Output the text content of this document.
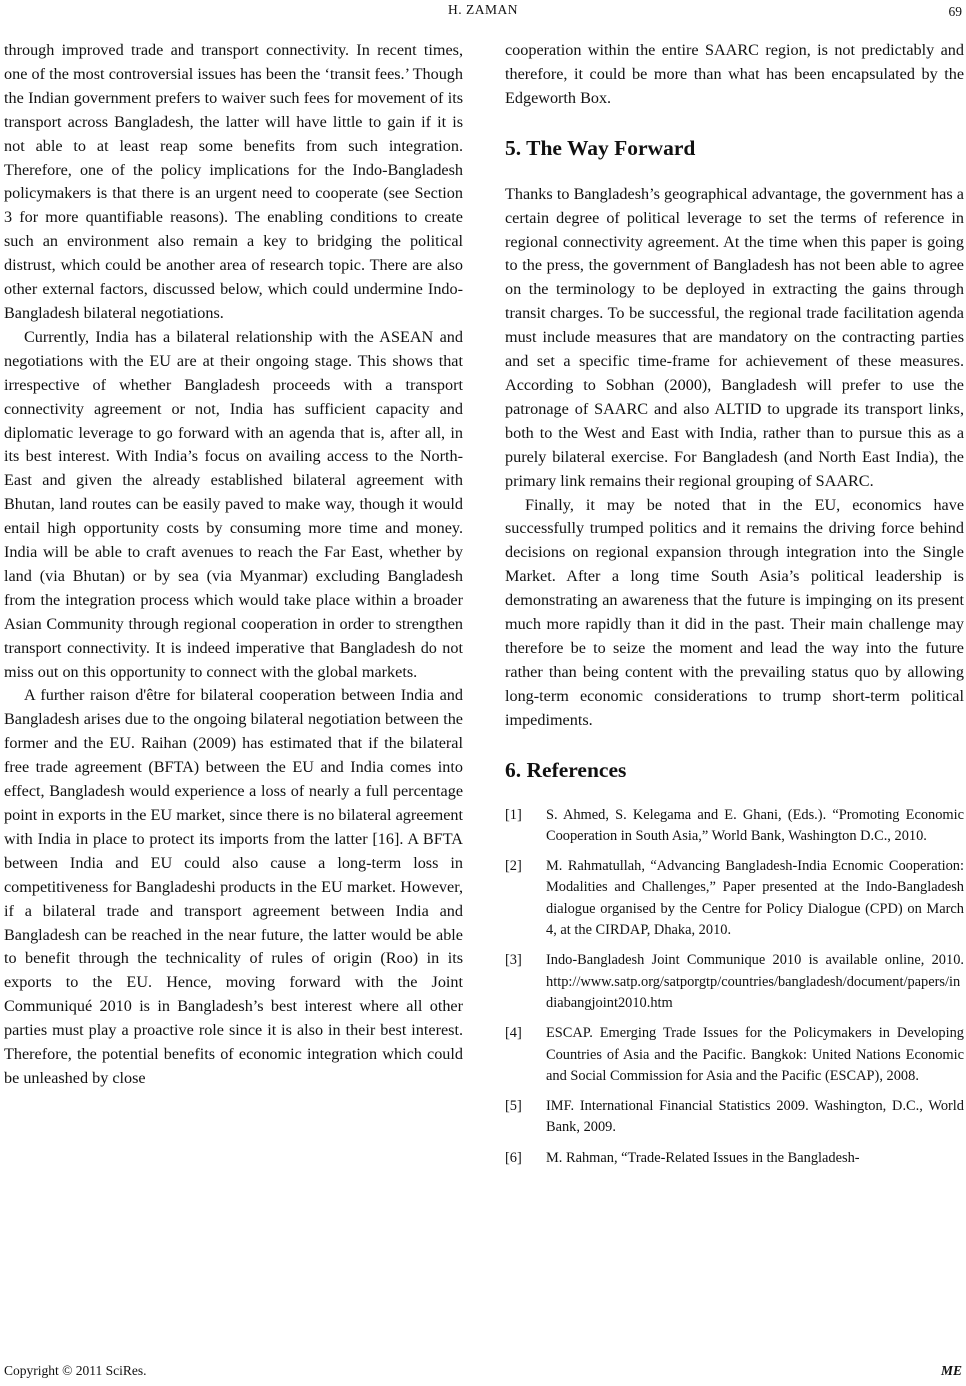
H. ZAMAN	69

through improved trade and transport connectivity. In recent times, one of the most controversial issues has been the ‘transit fees.’ Though the Indian government prefers to waiver such fees for movement of its transport across Bangladesh, the latter will have little to gain if it is not able to at least reap some benefits from such integration. Therefore, one of the policy implications for the Indo-Bangladesh policymakers is that there is an urgent need to cooperate (see Section 3 for more quantifiable reasons). The enabling conditions to create such an environment also remain a key to bridging the political distrust, which could be another area of research topic. There are also other external factors, discussed below, which could undermine Indo-Bangladesh bilateral negotiations.

Currently, India has a bilateral relationship with the ASEAN and negotiations with the EU are at their ongoing stage. This shows that irrespective of whether Bangladesh proceeds with a transport connectivity agreement or not, India has sufficient capacity and diplomatic leverage to go forward with an agenda that is, after all, in its best interest. With India’s focus on availing access to the North-East and given the already established bilateral agreement with Bhutan, land routes can be easily paved to make way, though it would entail high opportunity costs by consuming more time and money. India will be able to craft avenues to reach the Far East, whether by land (via Bhutan) or by sea (via Myanmar) excluding Bangladesh from the integration process which would take place within a broader Asian Community through regional cooperation in order to strengthen transport connectivity. It is indeed imperative that Bangladesh do not miss out on this opportunity to connect with the global markets.

A further raison d'être for bilateral cooperation between India and Bangladesh arises due to the ongoing bilateral negotiation between the former and the EU. Raihan (2009) has estimated that if the bilateral free trade agreement (BFTA) between the EU and India comes into effect, Bangladesh would experience a loss of nearly a full percentage point in exports in the EU market, since there is no bilateral agreement with India in place to protect its imports from the latter [16]. A BFTA between India and EU could also cause a long-term loss in competitiveness for Bangladeshi products in the EU market. However, if a bilateral trade and transport agreement between India and Bangladesh can be reached in the near future, the latter would be able to benefit through the technicality of rules of origin (Roo) in its exports to the EU. Hence, moving forward with the Joint Communiqué 2010 is in Bangladesh’s best interest where all other parties must play a proactive role since it is also in their best interest. Therefore, the potential benefits of economic integration which could be unleashed by close

cooperation within the entire SAARC region, is not predictably and therefore, it could be more than what has been encapsulated by the Edgeworth Box.

5. The Way Forward

Thanks to Bangladesh’s geographical advantage, the government has a certain degree of political leverage to set the terms of reference in regional connectivity agreement. At the time when this paper is going to the press, the government of Bangladesh has not been able to agree on the terminology to be deployed in extracting the gains through transit charges. To be successful, the regional trade facilitation agenda must include measures that are mandatory on the contracting parties and set a specific time-frame for achievement of these measures. According to Sobhan (2000), Bangladesh will prefer to use the patronage of SAARC and also ALTID to upgrade its transport links, both to the West and East with India, rather than to pursue this as a purely bilateral exercise. For Bangladesh (and North East India), the primary link remains their regional grouping of SAARC.

Finally, it may be noted that in the EU, economics have successfully trumped politics and it remains the driving force behind decisions on regional expansion through integration into the Single Market. After a long time South Asia’s political leadership is demonstrating an awareness that the future is impinging on its present much more rapidly than it did in the past. Their main challenge may therefore be to seize the moment and lead the way into the future rather than being content with the prevailing status quo by allowing long-term economic considerations to trump short-term political impediments.

6. References
[1] S. Ahmed, S. Kelegama and E. Ghani, (Eds.). “Promoting Economic Cooperation in South Asia,” World Bank, Washington D.C., 2010.
[2] M. Rahmatullah, “Advancing Bangladesh-India Ecnomic Cooperation: Modalities and Challenges,” Paper presented at the Indo-Bangladesh dialogue organised by the Centre for Policy Dialogue (CPD) on March 4, at the CIRDAP, Dhaka, 2010.
[3] Indo-Bangladesh Joint Communique 2010 is available online, 2010. http://www.satp.org/satporgtp/countries/bangladesh/document/papers/indiabangjoint2010.htm
[4] ESCAP. Emerging Trade Issues for the Policymakers in Developing Countries of Asia and the Pacific. Bangkok: United Nations Economic and Social Commission for Asia and the Pacific (ESCAP), 2008.
[5] IMF. International Financial Statistics 2009. Washington, D.C., World Bank, 2009.
[6] M. Rahman, “Trade-Related Issues in the Bangladesh-
Copyright © 2011 SciRes.	ME
